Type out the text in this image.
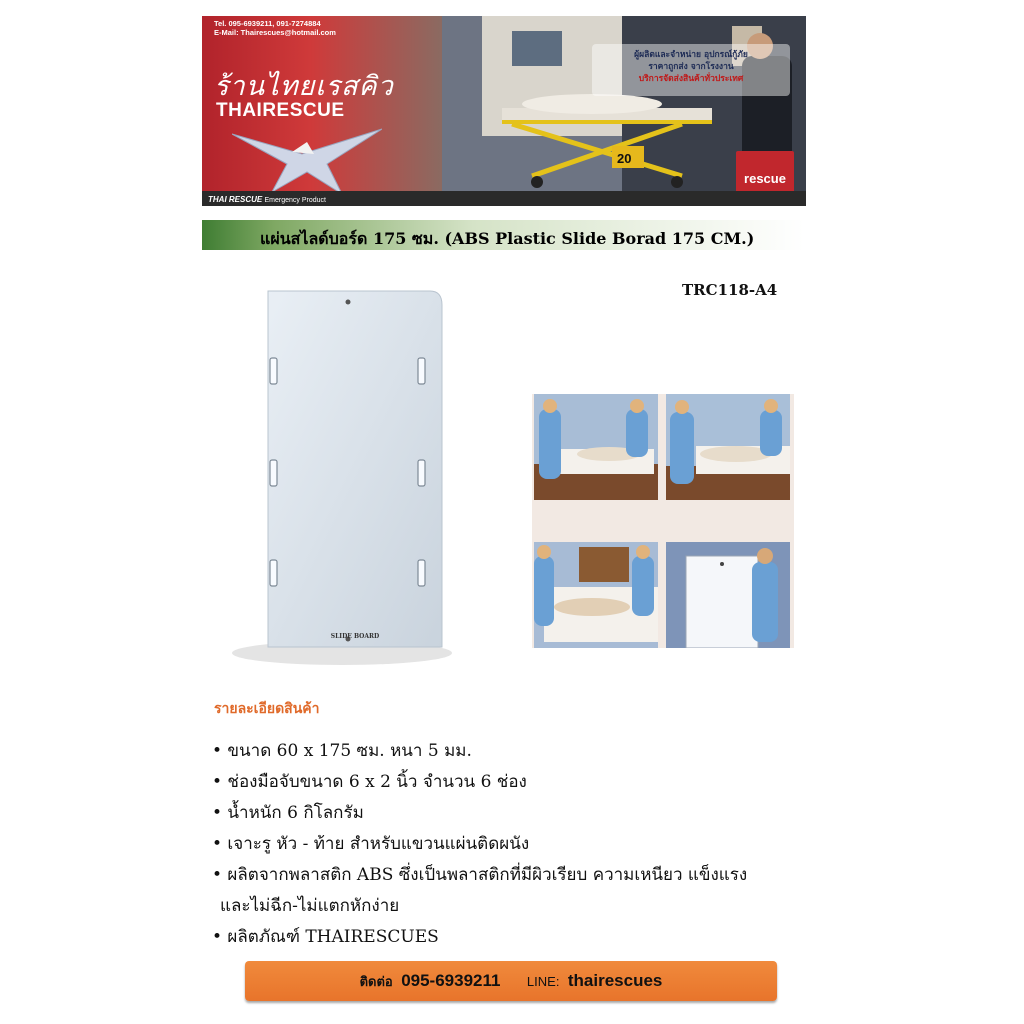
Tel. 095-6939211, 091-7274884
E-Mail: Thairescues@hotmail.com
20
ร้านไทยเรสคิว
THAIRESCUE
ผู้ผลิตและจำหน่าย อุปกรณ์กู้ภัย
ราคาถูกส่ง จากโรงงาน
บริการจัดส่งสินค้าทั่วประเทศ
rescue
THAI RESCUE Emergency Product
แผ่นสไลด์บอร์ด 175 ซม. (ABS Plastic Slide Borad 175 CM.)
TRC118-A4
SLIDE BOARD
รายละเอียดสินค้า
• ขนาด 60 x 175 ซม. หนา 5 มม.
• ช่องมือจับขนาด 6 x 2 นิ้ว จำนวน 6 ช่อง
• น้ำหนัก 6 กิโลกรัม
• เจาะรู หัว - ท้าย สำหรับแขวนแผ่นติดผนัง
• ผลิตจากพลาสติก ABS ซึ่งเป็นพลาสติกที่มีผิวเรียบ ความเหนียว แข็งแรง
และไม่ฉีก-ไม่แตกหักง่าย
• ผลิตภัณฑ์ THAIRESCUES
ติดต่อ 095-6939211 LINE: thairescues
